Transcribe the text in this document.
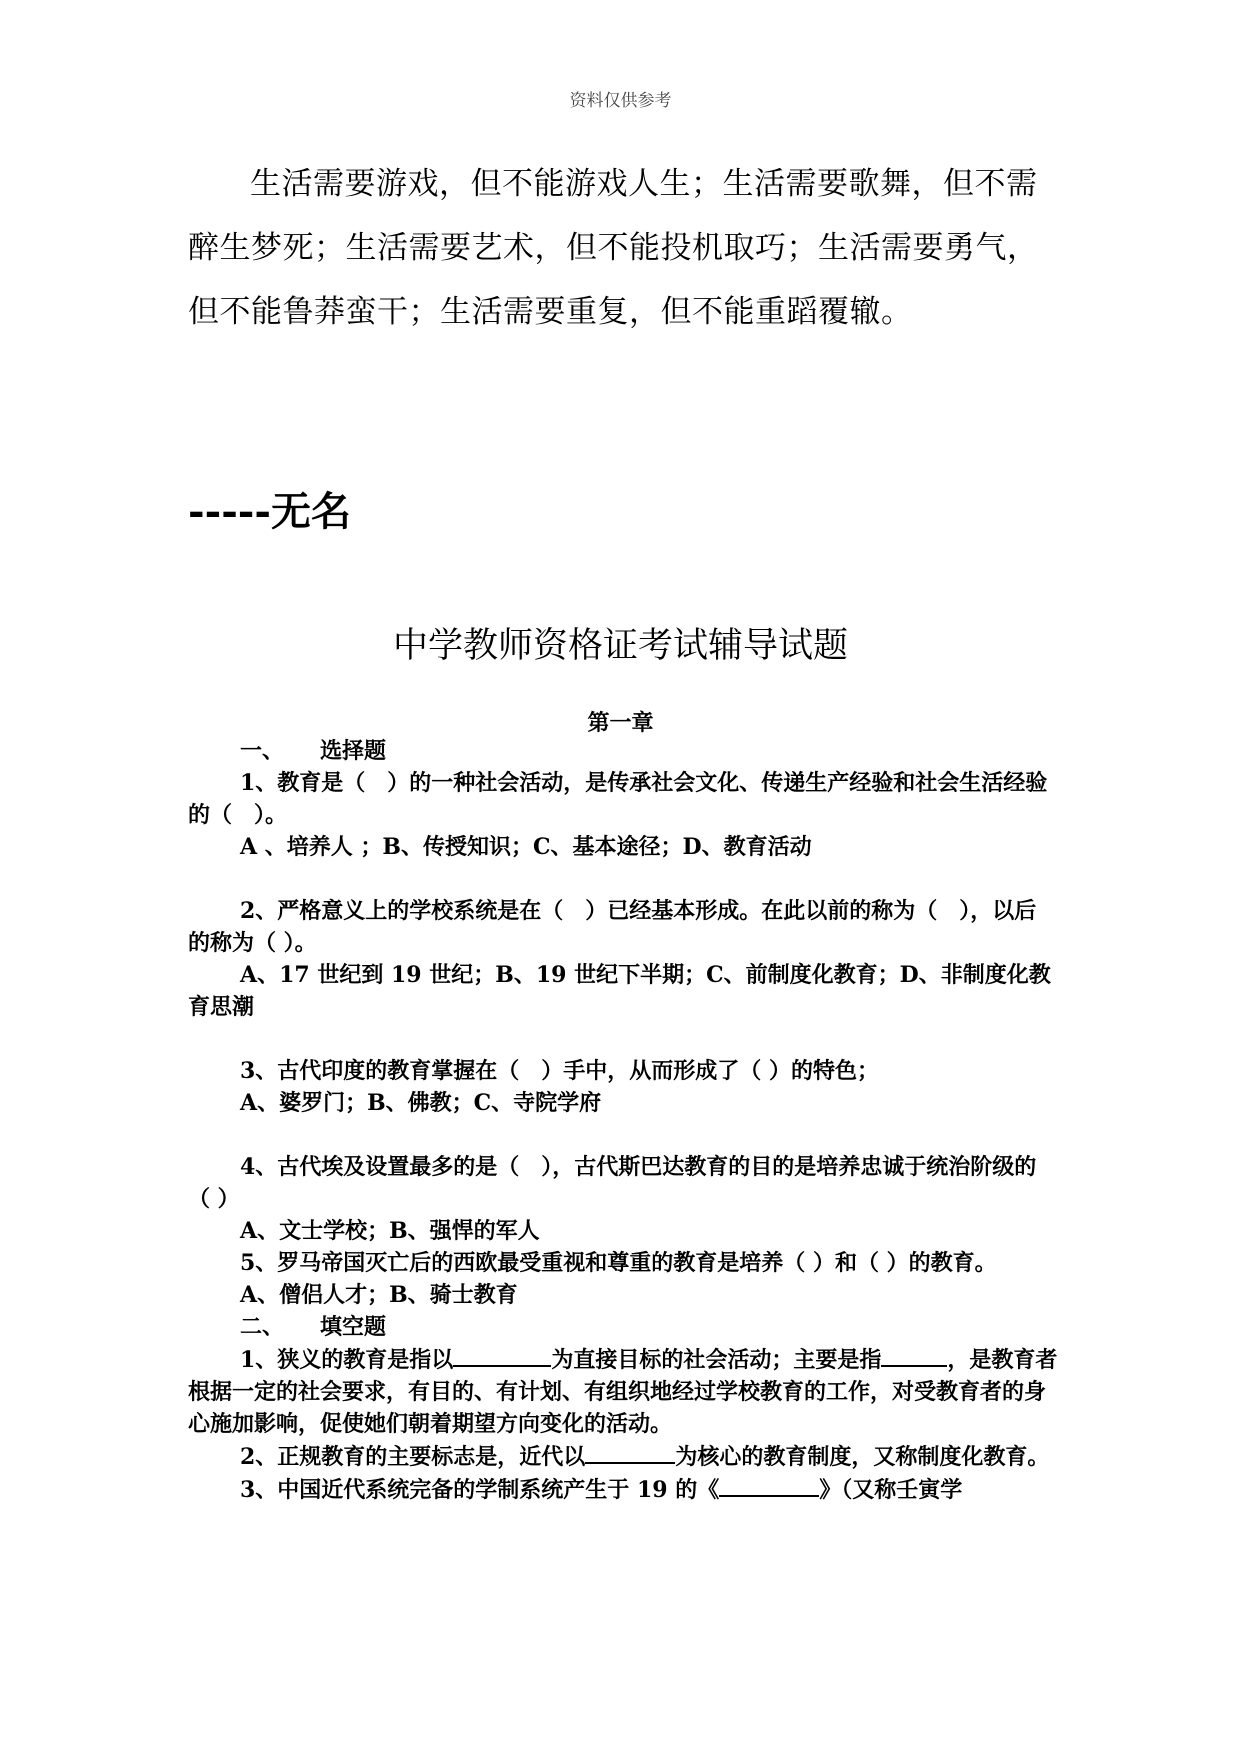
资料仅供参考

生活需要游戏，但不能游戏人生；生活需要歌舞，但不需醉生梦死；生活需要艺术，但不能投机取巧；生活需要勇气，但不能鲁莽蛮干；生活需要重复，但不能重蹈覆辙。

-----无名
中学教师资格证考试辅导试题
第一章

一、 选择题

1、教育是（　）的一种社会活动，是传承社会文化、传递生产经验和社会生活经验的（　）。

A 、培养人 ；B、传授知识；C、基本途径；D、教育活动

2、严格意义上的学校系统是在（　）已经基本形成。在此以前的称为（　），以后的称为（ ）。

A、17 世纪到 19 世纪；B、19 世纪下半期；C、前制度化教育；D、非制度化教育思潮

3、古代印度的教育掌握在（　）手中，从而形成了（ ）的特色；

A、婆罗门；B、佛教；C、寺院学府

4、古代埃及设置最多的是（　），古代斯巴达教育的目的是培养忠诚于统治阶级的（ ）

A、文士学校；B、强悍的军人

5、罗马帝国灭亡后的西欧最受重视和尊重的教育是培养（ ）和（ ）的教育。

A、僧侣人才；B、骑士教育

二、 填空题

1、狭义的教育是指以	为直接目标的社会活动；主要是指	，是教育者根据一定的社会要求，有目的、有计划、有组织地经过学校教育的工作，对受教育者的身心施加影响，促使她们朝着期望方向变化的活动。

2、正规教育的主要标志是，近代以	为核心的教育制度，又称制度化教育。

3、中国近代系统完备的学制系统产生于 19 的《	》（又称壬寅学
